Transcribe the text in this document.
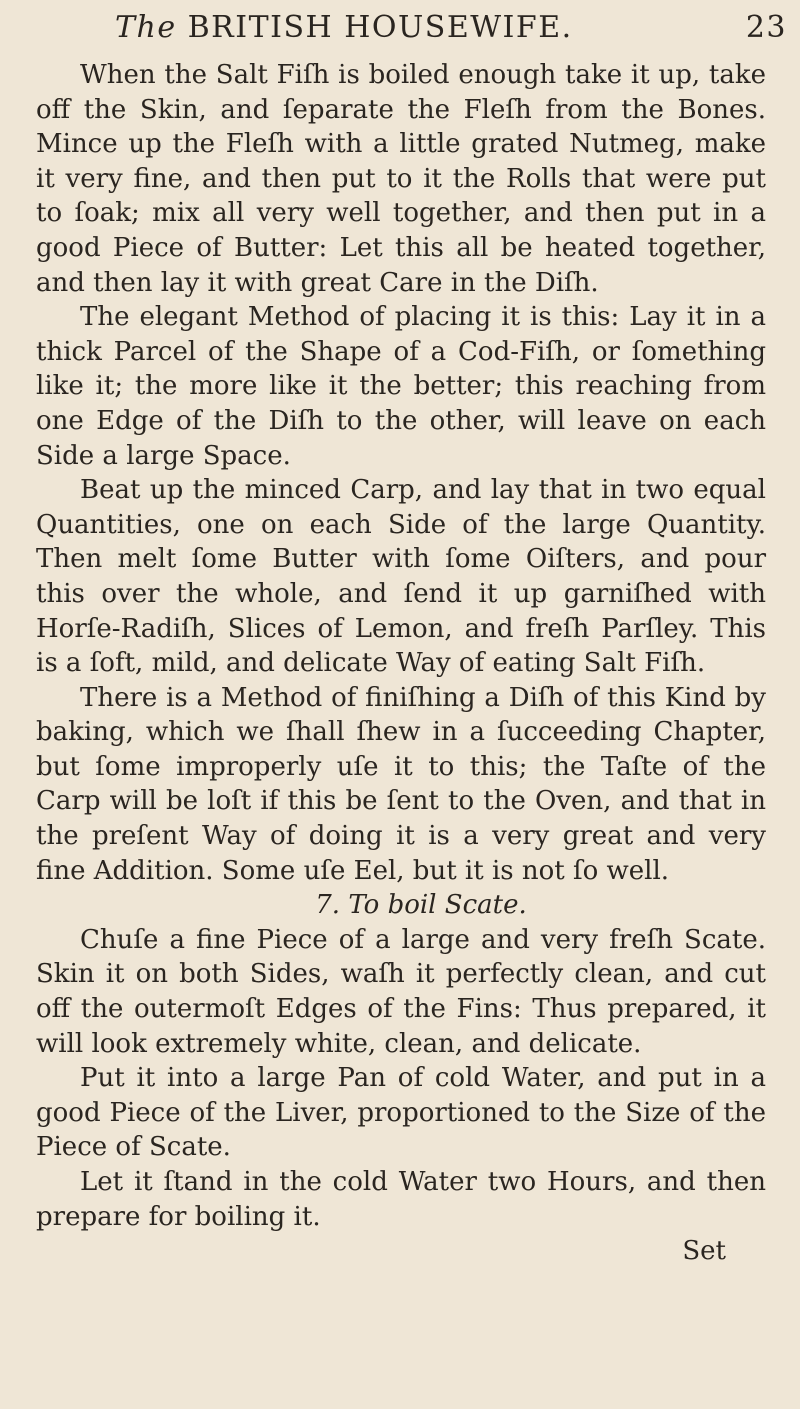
The BRITISH HOUSEWIFE.	23

When the Salt Fiſh is boiled enough take it up, take off the Skin, and ſeparate the Fleſh from the Bones. Mince up the Fleſh with a little grated Nutmeg, make it very fine, and then put to it the Rolls that were put to ſoak; mix all very well together, and then put in a good Piece of Butter: Let this all be heated together, and then lay it with great Care in the Diſh.

The elegant Method of placing it is this: Lay it in a thick Parcel of the Shape of a Cod-Fiſh, or ſomething like it; the more like it the better; this reaching from one Edge of the Diſh to the other, will leave on each Side a large Space.

Beat up the minced Carp, and lay that in two equal Quantities, one on each Side of the large Quantity. Then melt ſome Butter with ſome Oiſters, and pour this over the whole, and ſend it up garniſhed with Horſe-Radiſh, Slices of Lemon, and freſh Parſley. This is a ſoft, mild, and delicate Way of eating Salt Fiſh.

There is a Method of finiſhing a Diſh of this Kind by baking, which we ſhall ſhew in a ſucceeding Chapter, but ſome improperly uſe it to this; the Taſte of the Carp will be loſt if this be ſent to the Oven, and that in the preſent Way of doing it is a very great and very fine Addition. Some uſe Eel, but it is not ſo well.

7. To boil Scate.

Chuſe a fine Piece of a large and very freſh Scate. Skin it on both Sides, waſh it perfectly clean, and cut off the outermoſt Edges of the Fins: Thus prepared, it will look extremely white, clean, and delicate.

Put it into a large Pan of cold Water, and put in a good Piece of the Liver, proportioned to the Size of the Piece of Scate.

Let it ſtand in the cold Water two Hours, and then prepare for boiling it.

Set
